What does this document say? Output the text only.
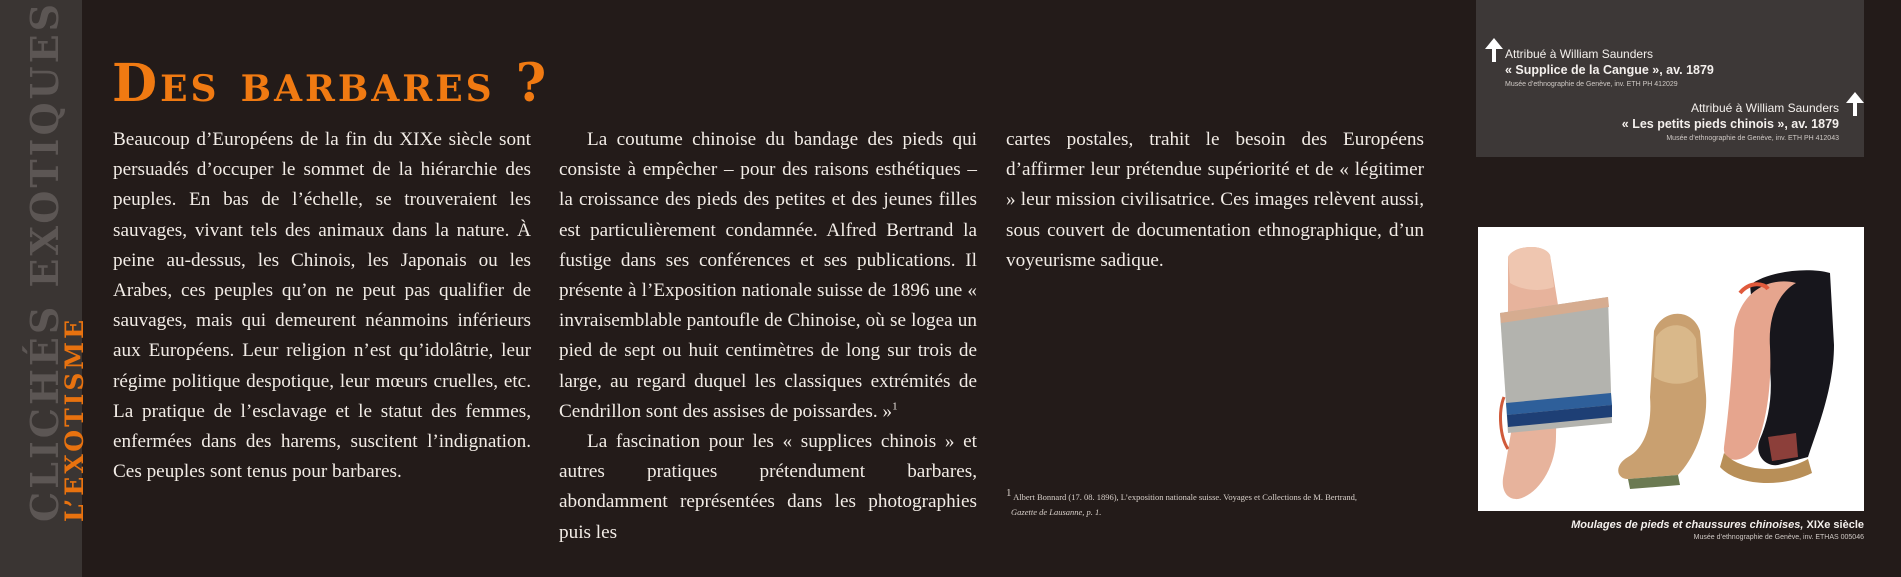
CLICHÉS EXOTIQUES
L’EXOTISME
Des barbares ?

Beaucoup d’Européens de la fin du XIXe siècle sont persuadés d’occuper le sommet de la hiérarchie des peuples. En bas de l’échelle, se trouveraient les sauvages, vivant tels des animaux dans la nature. À peine au-dessus, les Chinois, les Japonais ou les Arabes, ces peuples qu’on ne peut pas qualifier de sauvages, mais qui demeurent néanmoins inférieurs aux Européens. Leur religion n’est qu’idolâtrie, leur régime politique despotique, leur mœurs cruelles, etc. La pratique de l’esclavage et le statut des femmes, enfermées dans des harems, suscitent l’indignation. Ces peuples sont tenus pour barbares.

La coutume chinoise du bandage des pieds qui consiste à empêcher – pour des raisons esthétiques – la croissance des pieds des petites et des jeunes filles est particulièrement condamnée. Alfred Bertrand la fustige dans ses conférences et ses publications. Il présente à l’Exposition nationale suisse de 1896 une « invraisemblable pantoufle de Chinoise, où se logea un pied de sept ou huit centimètres de long sur trois de large, au regard duquel les classiques extrémités de Cendrillon sont des assises de poissardes. »$^1$

La fascination pour les « supplices chinois » et autres pratiques prétendument barbares, abondamment représentées dans les photographies puis les

cartes postales, trahit le besoin des Européens d’affirmer leur prétendue supériorité et de « légitimer » leur mission civilisatrice. Ces images relèvent aussi, sous couvert de documentation ethnographique, d’un voyeurisme sadique.

$^1$ Albert Bonnard (17. 08. 1896), L’exposition nationale suisse. Voyages et Collections de M. Bertrand,
Gazette de Lausanne, p. 1.
Attribué à William Saunders
« Supplice de la Cangue », av. 1879
Musée d’ethnographie de Genève, inv. ETH PH 412029
Attribué à William Saunders
« Les petits pieds chinois », av. 1879
Musée d’ethnographie de Genève, inv. ETH PH 412043
Moulages de pieds et chaussures chinoises, XIXe siècle
Musée d’ethnographie de Genève, inv. ETHAS 005046
